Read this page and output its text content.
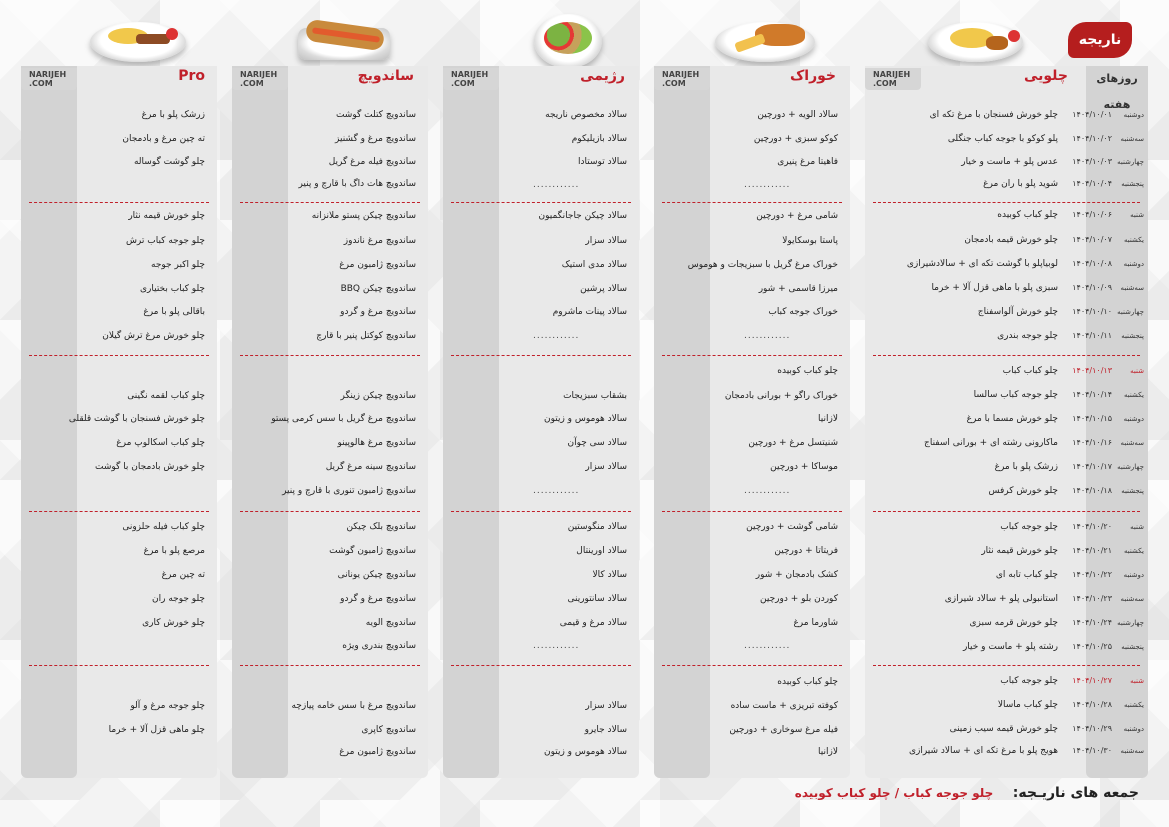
ناریجه
روزهای هفته
NARIJEH
.COM	چلویی
دوشنبه
۱۴۰۴/۱۰/۰۱
چلو خورش فسنجان با مرغ تکه ای
سه‌شنبه
۱۴۰۴/۱۰/۰۲
پلو کوکو با جوجه کباب جنگلی
چهارشنبه
۱۴۰۴/۱۰/۰۳
عدس پلو + ماست و خیار
پنجشنبه
۱۴۰۴/۱۰/۰۴
شوید پلو با ران مرغ
شنبه
۱۴۰۴/۱۰/۰۶
چلو کباب کوبیده
یکشنبه
۱۴۰۴/۱۰/۰۷
چلو خورش قیمه بادمجان
دوشنبه
۱۴۰۴/۱۰/۰۸
لوبیاپلو با گوشت تکه ای + سالادشیرازی
سه‌شنبه
۱۴۰۴/۱۰/۰۹
سبزی پلو با ماهی قزل آلا + خرما
چهارشنبه
۱۴۰۴/۱۰/۱۰
چلو خورش آلواسفناج
پنجشنبه
۱۴۰۴/۱۰/۱۱
چلو جوجه بندری
شنبه
۱۴۰۴/۱۰/۱۳
چلو کباب کباب
یکشنبه
۱۴۰۴/۱۰/۱۴
چلو جوجه کباب سالسا
دوشنبه
۱۴۰۴/۱۰/۱۵
چلو خورش مسما با مرغ
سه‌شنبه
۱۴۰۴/۱۰/۱۶
ماکارونی رشته ای + بورانی اسفناج
چهارشنبه
۱۴۰۴/۱۰/۱۷
زرشک پلو با مرغ
پنجشنبه
۱۴۰۴/۱۰/۱۸
چلو خورش کرفس
شنبه
۱۴۰۴/۱۰/۲۰
چلو جوجه کباب
یکشنبه
۱۴۰۴/۱۰/۲۱
چلو خورش قیمه نثار
دوشنبه
۱۴۰۴/۱۰/۲۲
چلو کباب تابه ای
سه‌شنبه
۱۴۰۴/۱۰/۲۳
استانبولی پلو + سالاد شیرازی
چهارشنبه
۱۴۰۴/۱۰/۲۴
چلو خورش قرمه سبزی
پنجشنبه
۱۴۰۴/۱۰/۲۵
رشته پلو + ماست و خیار
شنبه
۱۴۰۴/۱۰/۲۷
چلو جوجه کباب
یکشنبه
۱۴۰۴/۱۰/۲۸
چلو کباب ماسالا
دوشنبه
۱۴۰۴/۱۰/۲۹
چلو خورش قیمه سیب زمینی
سه‌شنبه
۱۴۰۴/۱۰/۳۰
هویج پلو با مرغ تکه ای + سالاد شیرازی
NARIJEH
.COM	خوراک
سالاد الویه + دورچین
کوکو سبزی + دورچین
فاهیتا مرغ پنیری
............
شامی مرغ + دورچین
پاستا بوسکایولا
خوراک مرغ گریل با سبزیجات و هوموس
میرزا قاسمی + شور
خوراک جوجه کباب
............
چلو کباب کوبیده
خوراک راگو + بورانی بادمجان
لازانیا
شنیتسل مرغ + دورچین
موساکا + دورچین
............
شامی گوشت + دورچین
فریتاتا + دورچین
کشک بادمجان + شور
کوردن بلو + دورچین
شاورما مرغ
............
چلو کباب کوبیده
کوفته تبریزی + ماست ساده
فیله مرغ سوخاری + دورچین
لازانیا
NARIJEH
.COM	رژیمی
سالاد مخصوص ناریجه
سالاد بازیلیکوم
سالاد توستادا
............
سالاد چیکن جاجانگمیون
سالاد سزار
سالاد مدی استیک
سالاد پرشین
سالاد پینات ماشروم
............
بشقاب سبزیجات
سالاد هوموس و زیتون
سالاد سی چوآن
سالاد سزار
............
سالاد منگوستین
سالاد اورینتال
سالاد کالا
سالاد سانتورینی
سالاد مرغ و قیمی
............
سالاد سزار
سالاد جایرو
سالاد هوموس و زیتون
NARIJEH
.COM	ساندویچ
ساندویچ کتلت گوشت
ساندویچ مرغ و گشنیز
ساندویچ فیله مرغ گریل
ساندویچ هات داگ با قارچ و پنیر
ساندویچ چیکن پستو ملانزانه
ساندویچ مرغ ناندوز
ساندویچ ژامبون مرغ
ساندویچ چیکن BBQ
ساندویچ مرغ و گردو
ساندویچ کوکتل پنیر با قارچ
ساندویچ چیکن زینگر
ساندویچ مرغ گریل با سس کرمی پستو
ساندویچ مرغ هالوپینو
ساندویچ سینه مرغ گریل
ساندویچ ژامبون تنوری با قارچ و پنیر
ساندویچ بلک چیکن
ساندویچ ژامبون گوشت
ساندویچ چیکن یونانی
ساندویچ مرغ و گردو
ساندویچ الویه
ساندویچ بندری ویژه
ساندویچ مرغ با سس خامه پیازچه
ساندویچ کاپری
ساندویچ ژامبون مرغ
NARIJEH
.COM	Pro
زرشک پلو با مرغ
ته چین مرغ و بادمجان
چلو گوشت گوساله
چلو خورش قیمه نثار
چلو جوجه کباب ترش
چلو اکبر جوجه
چلو کباب بختیاری
باقالی پلو با مرغ
چلو خورش مرغ ترش گیلان
چلو کباب لقمه نگینی
چلو خورش فسنجان با گوشت قلقلی
چلو کباب اسکالوپ مرغ
چلو خورش بادمجان با گوشت
چلو کباب فیله حلزونی
مرصع پلو با مرغ
ته چین مرغ
چلو جوجه ران
چلو خورش کاری
چلو جوجه مرغ و آلو
چلو ماهی قزل آلا + خرما
جمعه های ناریـجه:    چلو جوجه کباب / چلو کباب کوبیده
